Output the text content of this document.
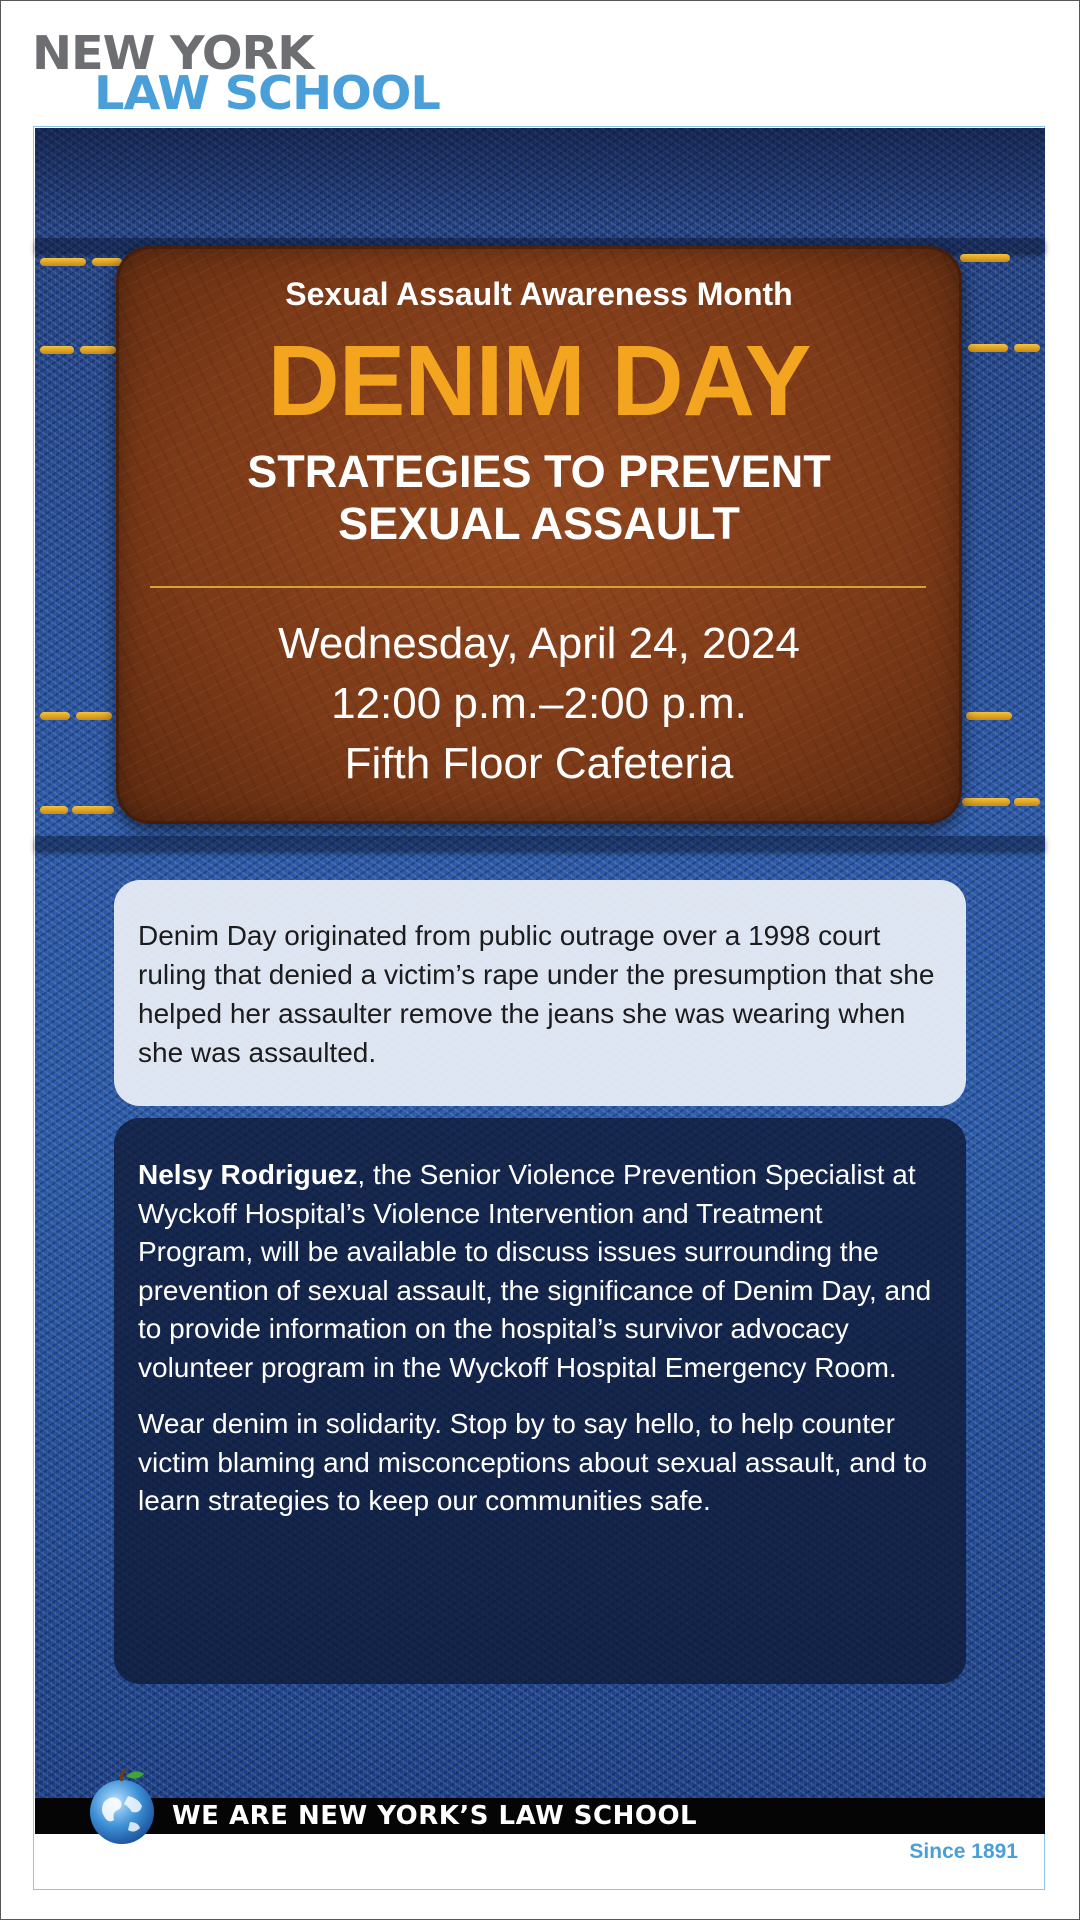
NEW YORK
LAW SCHOOL
Sexual Assault Awareness Month
DENIM DAY
STRATEGIES TO PREVENT
SEXUAL ASSAULT
Wednesday, April 24, 2024
12:00 p.m.–2:00 p.m.
Fifth Floor Cafeteria
Denim Day originated from public outrage over a 1998 court ruling that denied a victim’s rape under the presumption that she helped her assaulter remove the jeans she was wearing when she was assaulted.

Nelsy Rodriguez, the Senior Violence Prevention Specialist at Wyckoff Hospital’s Violence Intervention and Treatment Program, will be available to discuss issues surrounding the prevention of sexual assault, the significance of Denim Day, and to provide information on the hospital’s survivor advocacy volunteer program in the Wyckoff Hospital Emergency Room.

Wear denim in solidarity. Stop by to say hello, to help counter victim blaming and misconceptions about sexual assault, and to learn strategies to keep our communities safe.

WE ARE NEW YORK’S LAW SCHOOL
Since 1891
